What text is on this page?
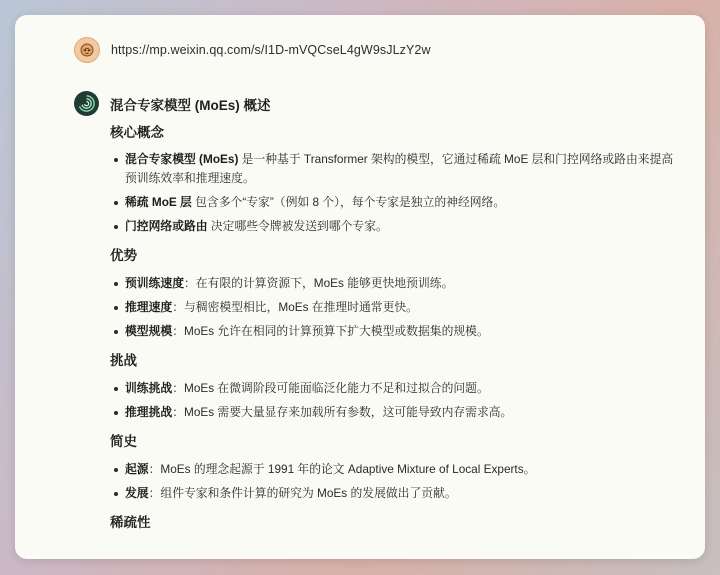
https://mp.weixin.qq.com/s/I1D-mVQCseL4gW9sJLzY2w
混合专家模型 (MoEs) 概述
核心概念
混合专家模型 (MoEs) 是一种基于 Transformer 架构的模型，它通过稀疏 MoE 层和门控网络或路由来提高预训练效率和推理速度。
稀疏 MoE 层 包含多个“专家”（例如 8 个），每个专家是独立的神经网络。
门控网络或路由 决定哪些令牌被发送到哪个专家。
优势
预训练速度：在有限的计算资源下，MoEs 能够更快地预训练。
推理速度：与稠密模型相比，MoEs 在推理时通常更快。
模型规模：MoEs 允许在相同的计算预算下扩大模型或数据集的规模。
挑战
训练挑战：MoEs 在微调阶段可能面临泛化能力不足和过拟合的问题。
推理挑战：MoEs 需要大量显存来加载所有参数，这可能导致内存需求高。
简史
起源：MoEs 的理念起源于 1991 年的论文 Adaptive Mixture of Local Experts。
发展：组件专家和条件计算的研究为 MoEs 的发展做出了贡献。
稀疏性
